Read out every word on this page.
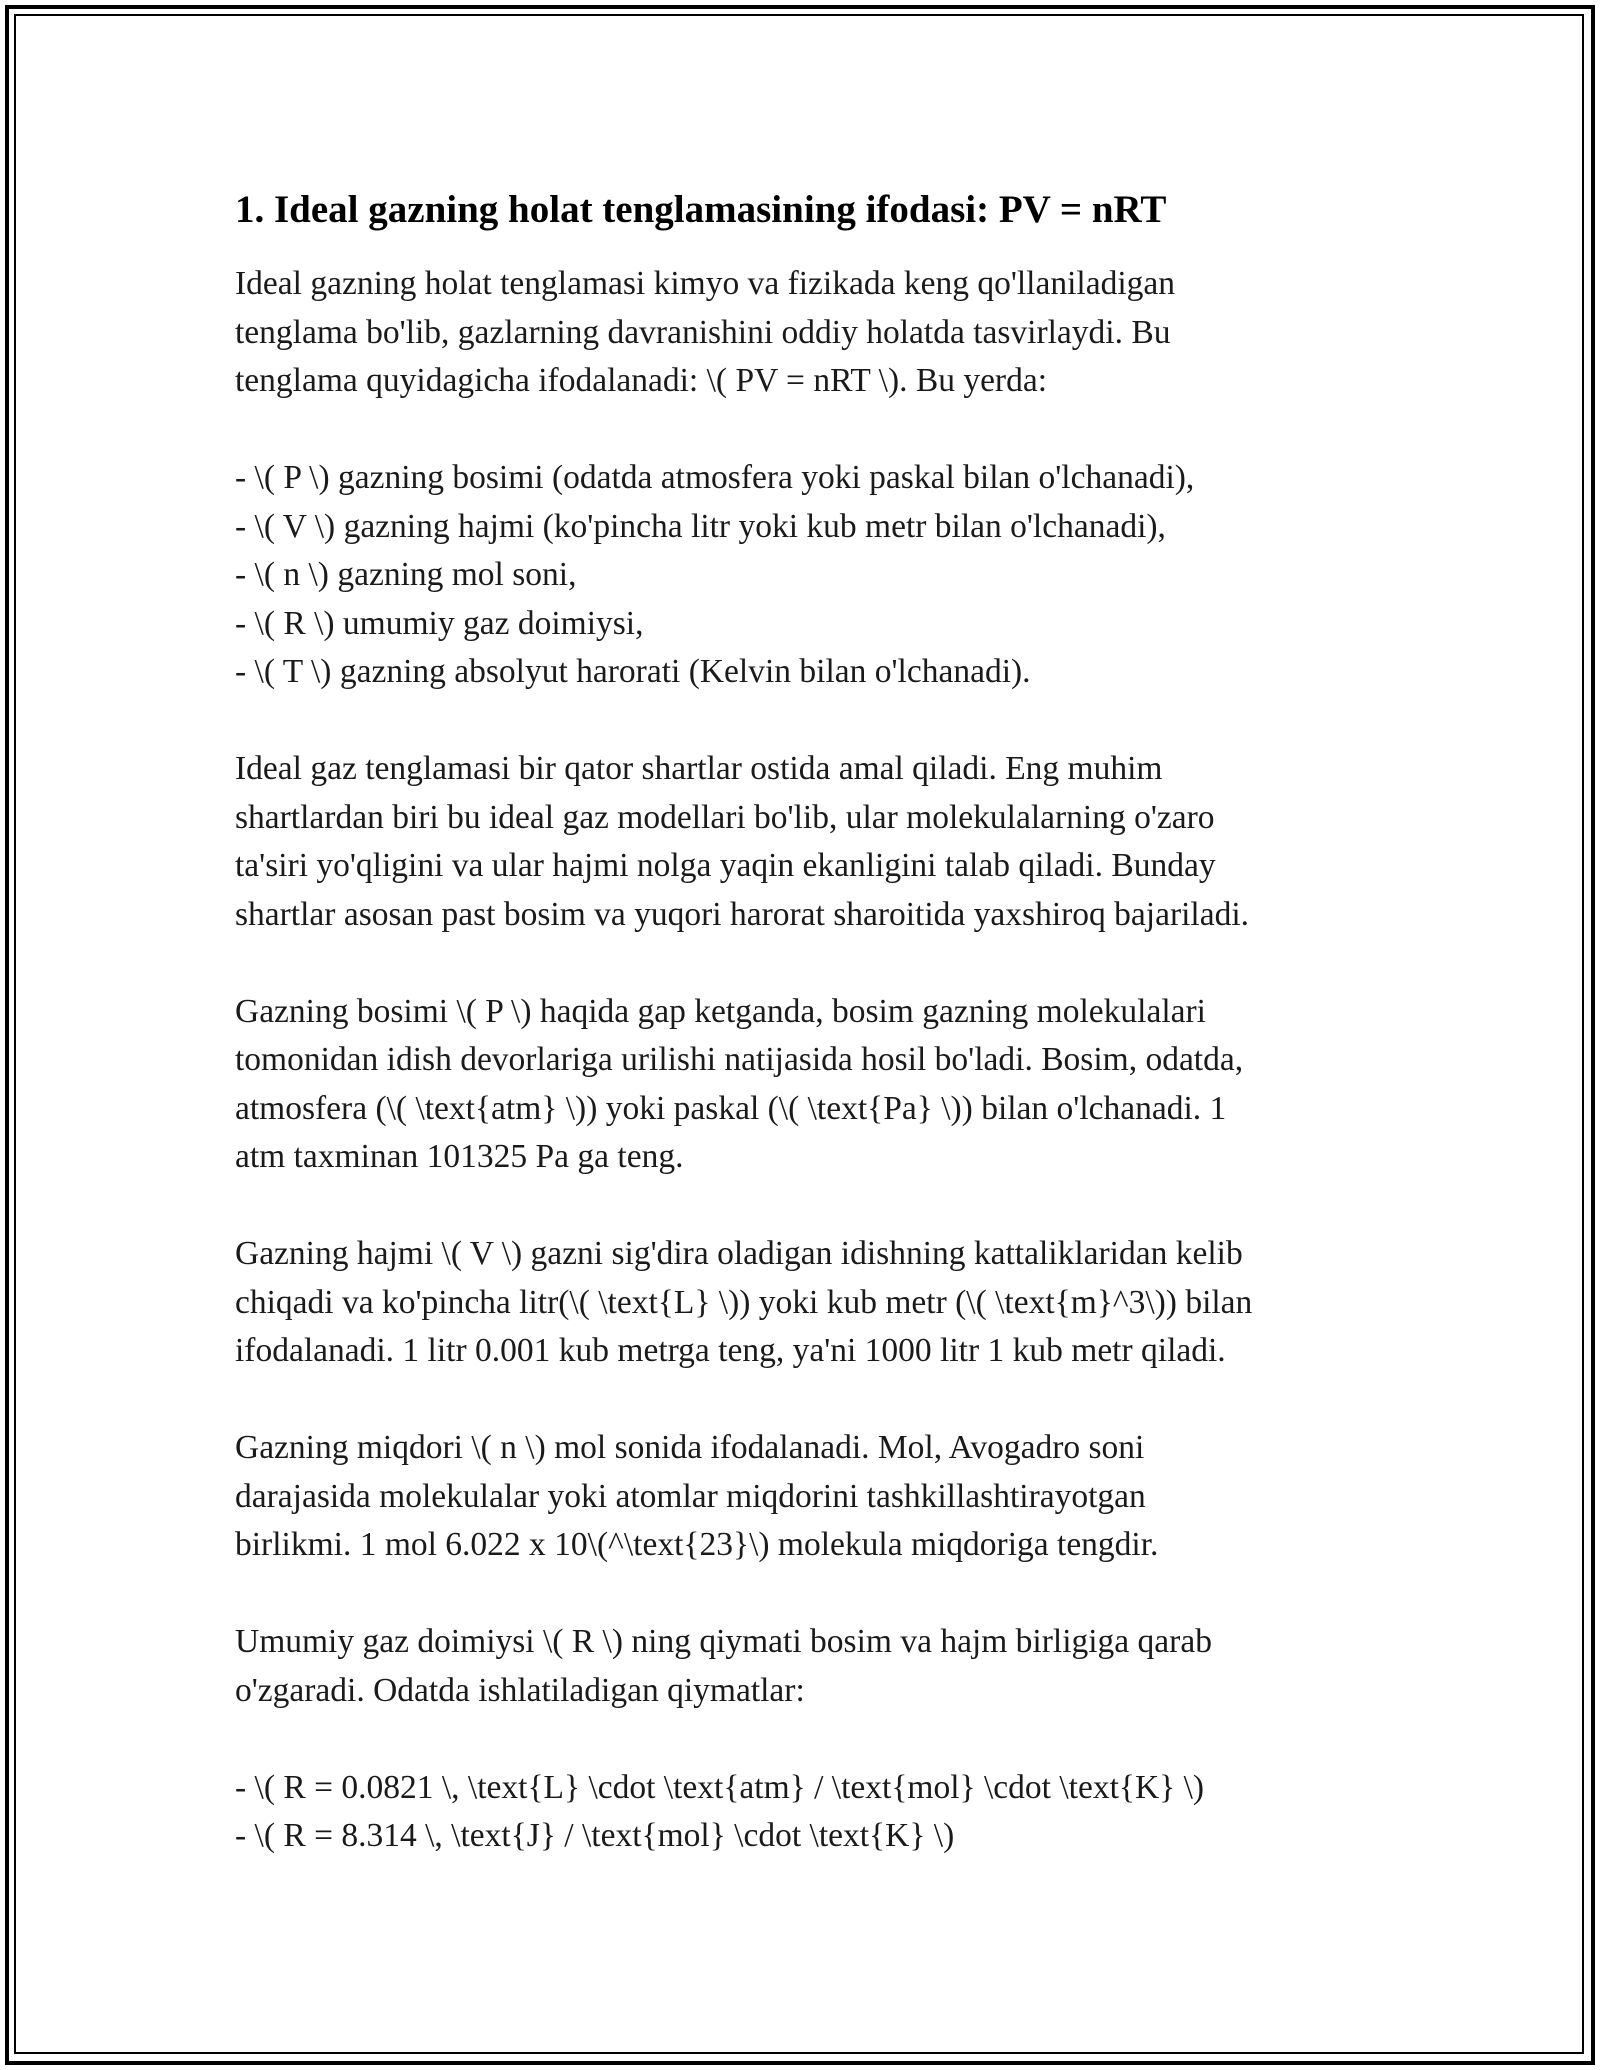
1. Ideal gazning holat tenglamasining ifodasi: PV = nRT

Ideal gazning holat tenglamasi kimyo va fizikada keng qo'llaniladigan

tenglama bo'lib, gazlarning davranishini oddiy holatda tasvirlaydi. Bu

tenglama quyidagicha ifodalanadi: \( PV = nRT \). Bu yerda:

- \( P \) gazning bosimi (odatda atmosfera yoki paskal bilan o'lchanadi),

- \( V \) gazning hajmi (ko'pincha litr yoki kub metr bilan o'lchanadi),

- \( n \) gazning mol soni,

- \( R \) umumiy gaz doimiysi,

- \( T \) gazning absolyut harorati (Kelvin bilan o'lchanadi).

Ideal gaz tenglamasi bir qator shartlar ostida amal qiladi. Eng muhim

shartlardan biri bu ideal gaz modellari bo'lib, ular molekulalarning o'zaro

ta'siri yo'qligini va ular hajmi nolga yaqin ekanligini talab qiladi. Bunday

shartlar asosan past bosim va yuqori harorat sharoitida yaxshiroq bajariladi.

Gazning bosimi \( P \) haqida gap ketganda, bosim gazning molekulalari

tomonidan idish devorlariga urilishi natijasida hosil bo'ladi. Bosim, odatda,

atmosfera (\( \text{atm} \)) yoki paskal (\( \text{Pa} \)) bilan o'lchanadi. 1

atm taxminan 101325 Pa ga teng.

Gazning hajmi \( V \) gazni sig'dira oladigan idishning kattaliklaridan kelib

chiqadi va ko'pincha litr(\( \text{L} \)) yoki kub metr (\( \text{m}^3\)) bilan

ifodalanadi. 1 litr 0.001 kub metrga teng, ya'ni 1000 litr 1 kub metr qiladi.

Gazning miqdori \( n \) mol sonida ifodalanadi. Mol, Avogadro soni

darajasida molekulalar yoki atomlar miqdorini tashkillashtirayotgan

birlikmi. 1 mol 6.022 x 10\(^\text{23}\) molekula miqdoriga tengdir.

Umumiy gaz doimiysi \( R \) ning qiymati bosim va hajm birligiga qarab

o'zgaradi. Odatda ishlatiladigan qiymatlar:

- \( R = 0.0821 \, \text{L} \cdot \text{atm} / \text{mol} \cdot \text{K} \)

- \( R = 8.314 \, \text{J} / \text{mol} \cdot \text{K} \)
